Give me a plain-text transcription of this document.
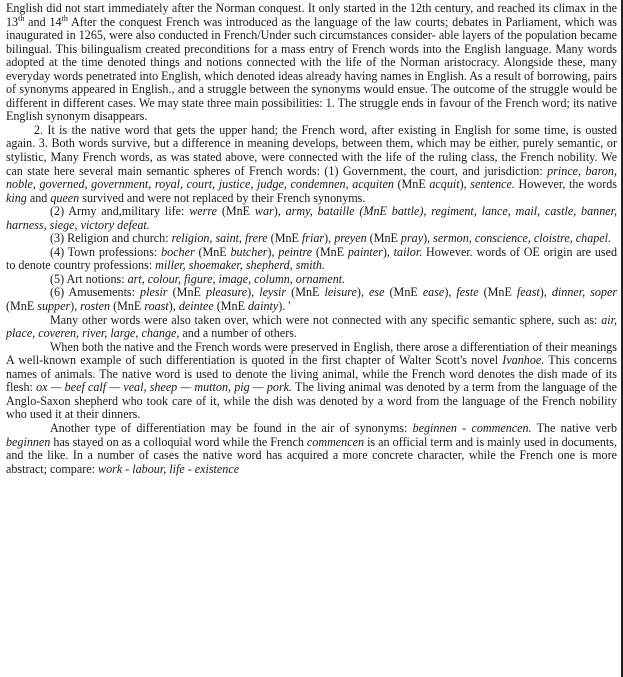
English did not start immediately after the Norman conquest. It only started in the 12th century, and reached its climax in the 13th and 14th After the conquest French was introduced as the language of the law courts; debates in Parliament, which was inaugurated in 1265, were also conducted in French/Under such circumstances consider- able layers of the population became bilingual. This bilingualism created preconditions for a mass entry of French words into the English language. Many words adopted at the time denoted things and notions connected with the life of the Norman aristocracy. Alongside these, many everyday words penetrated into English, which denoted ideas already having names in English. As a result of borrowing, pairs of synonyms appeared in English., and a struggle between the synonyms would ensue. The outcome of the struggle would be different in different cases. We may state three main possibilities: 1. The struggle ends in favour of the French word; its native English synonym disappears.

2. It is the native word that gets the upper hand; the French word, after existing in English for some time, is ousted again. 3. Both words survive, but a difference in meaning develops, between them, which may be either, purely semantic, or stylistic, Many French words, as was stated above, were connected with the life of the ruling class, the French nobility. We can state here several main semantic spheres of French words: (1) Government, the court, and jurisdiction: prince, baron, noble, governed, government, royal, court, justice, judge, condemnen, acquiten (MnE acquit), sentence. However, the words king and queen survived and were not replaced by their French synonyms.

(2) Army and,military life: werre (MnE war), army, bataille (MnE battle), regiment, lance, mail, castle, banner, harness, siege, victory defeat.

(3) Religion and church: religion, saint, frere (MnE friar), preyen (MnE pray), sermon, conscience, cloistre, chapel.

(4) Town professions: bocher (MnE butcher), peintre (MnE painter), tailor. However. words of OE origin are used to denote country professions: miller, shoemaker, shepherd, smith.

(5) Art notions: art, colour, figure, image, column, ornament.

(6) Amusements: plesir (MnE pleasure), leysir (MnE leisure), ese (MnE ease), feste (MnE feast), dinner, soper (MnE supper), rosten (MnE roast), deintee (MnE dainty). '

Many other words were also taken over, which were not connected with any specific semantic sphere, such as: air, place, coveren, river, large, change, and a number of others.

When both the native and the French words were preserved in English, there arose a differentiation of their meanings A well-known example of such differentiation is quoted in the first chapter of Walter Scott's novel Ivanhoe. This concerns names of animals. The native word is used to denote the living animal, while the French word denotes the dish made of its flesh: ox — beef calf — veal, sheep — mutton, pig — pork. The living animal was denoted by a term from the language of the Anglo-Saxon shepherd who took care of it, while the dish was denoted by a word from the language of the French nobility who used it at their dinners.

Another type of differentiation may be found in the air of synonyms: beginnen - commencen. The native verb beginnen has stayed on as a colloquial word while the French commencen is an official term and is mainly used in documents, and the like. In a number of cases the native word has acquired a more concrete character, while the French one is more abstract; compare: work - labour, life - existence
